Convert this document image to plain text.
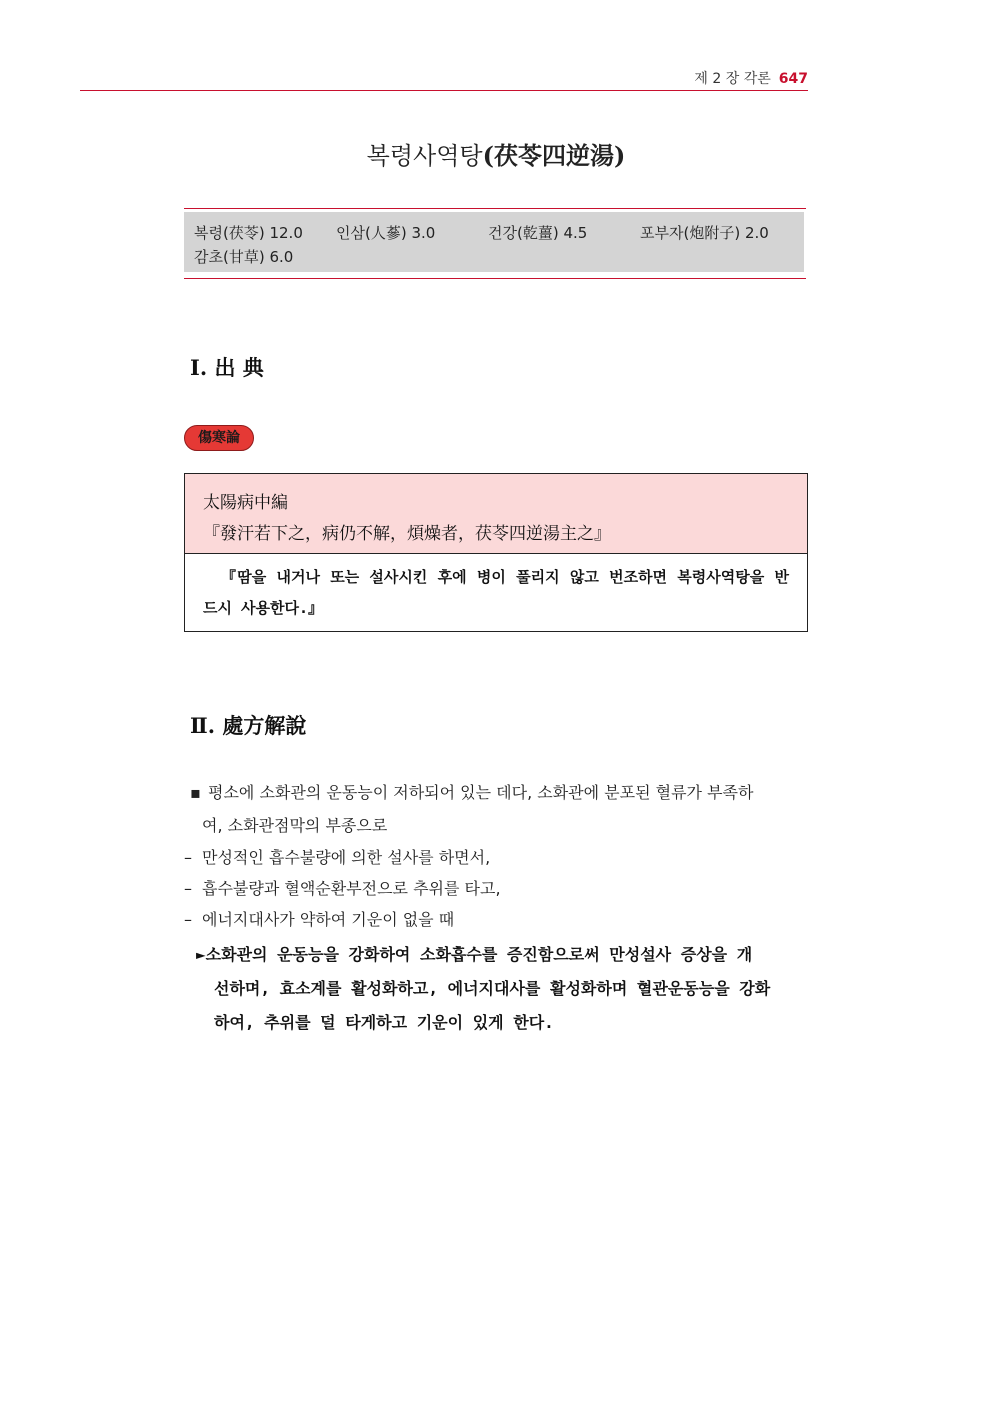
제 2 장 각론 647
복령사역탕(茯苓四逆湯)
복령(茯苓) 12.0 인삼(人蔘) 3.0	건강(乾薑) 4.5	포부자(炮附子) 2.0
감초(甘草) 6.0
Ⅰ. 出 典
傷寒論
太陽病中編
『發汗若下之，病仍不解，煩燥者，茯苓四逆湯主之』
『땀을 내거나 또는 설사시킨 후에 병이 풀리지 않고 번조하면 복령사역탕을 반드시 사용한다.』
Ⅱ. 處方解說
▪ 평소에 소화관의 운동능이 저하되어 있는 데다, 소화관에 분포된 혈류가 부족하
여, 소화관점막의 부종으로
– 만성적인 흡수불량에 의한 설사를 하면서,
– 흡수불량과 혈액순환부전으로 추위를 타고,
– 에너지대사가 약하여 기운이 없을 때
►소화관의 운동능을 강화하여 소화흡수를 증진함으로써 만성설사 증상을 개
선하며, 효소계를 활성화하고, 에너지대사를 활성화하며 혈관운동능을 강화
하여, 추위를 덜 타게하고 기운이 있게 한다.
